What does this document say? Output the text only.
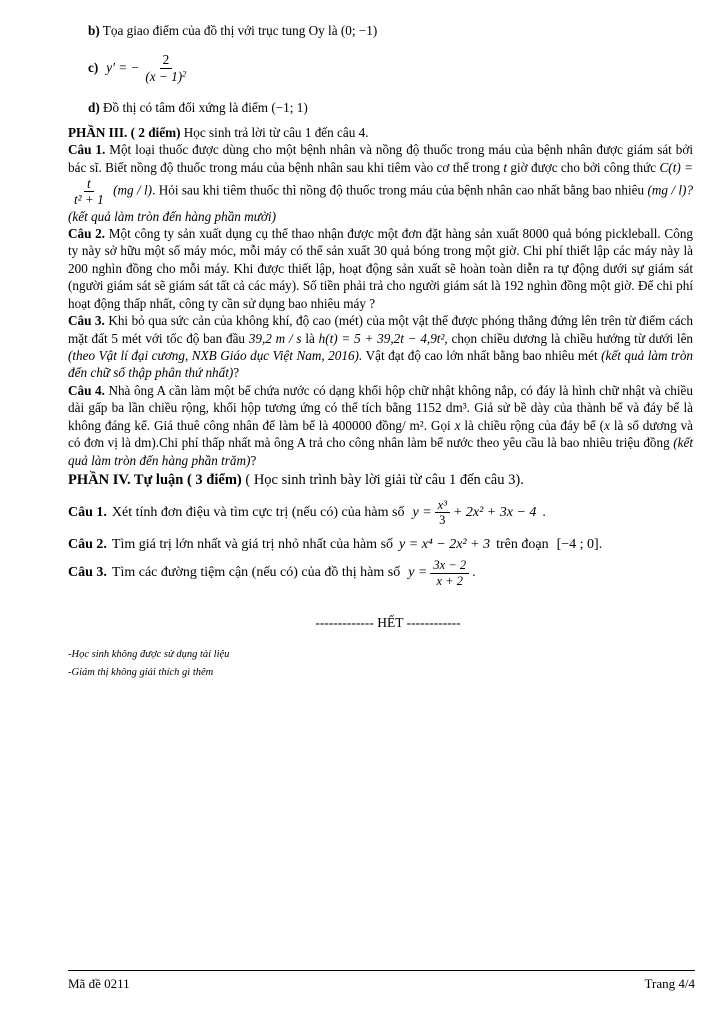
b) Tọa giao điểm của đồ thị với trục tung Oy là (0; −1)

c) y′ = − $\frac{2}{(x - 1)^2}$

d)
Đồ thị có tâm đối xứng là điểm
(−1; 1)

PHẦN III. ( 2 điểm) Học sinh trả lời từ câu 1 đến câu 4.

Câu 1. Một loại thuốc được dùng cho một bệnh nhân và nồng độ thuốc trong máu của bệnh nhân được giám sát bởi bác sĩ. Biết nồng độ thuốc trong máu của bệnh nhân sau khi tiêm vào cơ thể trong t giờ được cho bởi công thức C(t) =
$\frac{t}{\text{t² + 1}} (mg / l)$. Hỏi sau khi tiêm thuốc thì nồng độ thuốc trong máu của bệnh nhân cao nhất bằng bao nhiêu (mg / l)?(kết quả làm tròn đến hàng phần mười)

Câu 2. Một công ty sản xuất dụng cụ thể thao nhận được một đơn đặt hàng sản xuất 8000 quả bóng pickleball. Công ty này sở hữu một số máy móc, mỗi máy có thể sản xuất 30 quả bóng trong một giờ. Chi phí thiết lập các máy này là 200 nghìn đồng cho mỗi máy. Khi được thiết lập, hoạt động sản xuất sẽ hoàn toàn diễn ra tự động dưới sự giám sát (người giám sát sẽ giám sát tất cả các máy). Số tiền phải trả cho người giám sát là 192 nghìn đồng một giờ. Để chi phí hoạt động thấp nhất, công ty cần sử dụng bao nhiêu máy ?

Câu 3. Khi bỏ qua sức cản của không khí, độ cao (mét) của một vật thể được phóng thẳng đứng lên trên từ điểm cách mặt đất 5 mét với tốc độ ban đầu 39,2 m / s là h(t) = 5 + 39,2t − 4,9t², chọn chiều dương là chiều hướng từ dưới lên (theo Vật lí đại cương, NXB Giáo dục Việt Nam, 2016). Vật đạt độ cao lớn nhất bằng bao nhiêu mét (kết quả làm tròn đến chữ số thập phân thứ nhất)?

Câu 4. Nhà ông A cần làm một bể chứa nước có dạng khối hộp chữ nhật không nắp, có đáy là hình chữ nhật và chiều dài gấp ba lần chiều rộng, khối hộp tương ứng có thể tích bằng 1152 dm³. Giả sử bề dày của thành bể và đáy bể là không đáng kể. Giá thuê công nhân để làm bể là 400000 đồng/ m². Gọi x là chiều rộng của đáy bể (x là số dương và có đơn vị là dm).Chi phí thấp nhất mà ông A trả cho công nhân làm bể nước theo yêu cầu là bao nhiêu triệu đồng (kết quả làm tròn đến hàng phần trăm)?

PHẦN IV. Tự luận ( 3 điểm) ( Học sinh trình bày lời giải từ câu 1 đến câu 3).

Câu 1. Xét tính đơn điệu và tìm cực trị (nếu có) của hàm số $y = \frac{\text{x³}}{3} + 2x^2 + 3x - 4$ .
Câu 2. Tìm giá trị lớn nhất và giá trị nhỏ nhất của hàm số y = x⁴ − 2x² + 3 trên đoạn [−4 ; 0] .
Câu 3. Tìm các đường tiệm cận (nếu có) của đồ thị hàm số $y = \frac{3x - 2}{x + 2}$ .
------------- HẾT ------------
-Học sinh không được sử dụng tài liệu
-Giám thị không giải thích gì thêm
Mã đề 0211	Trang 4/4
